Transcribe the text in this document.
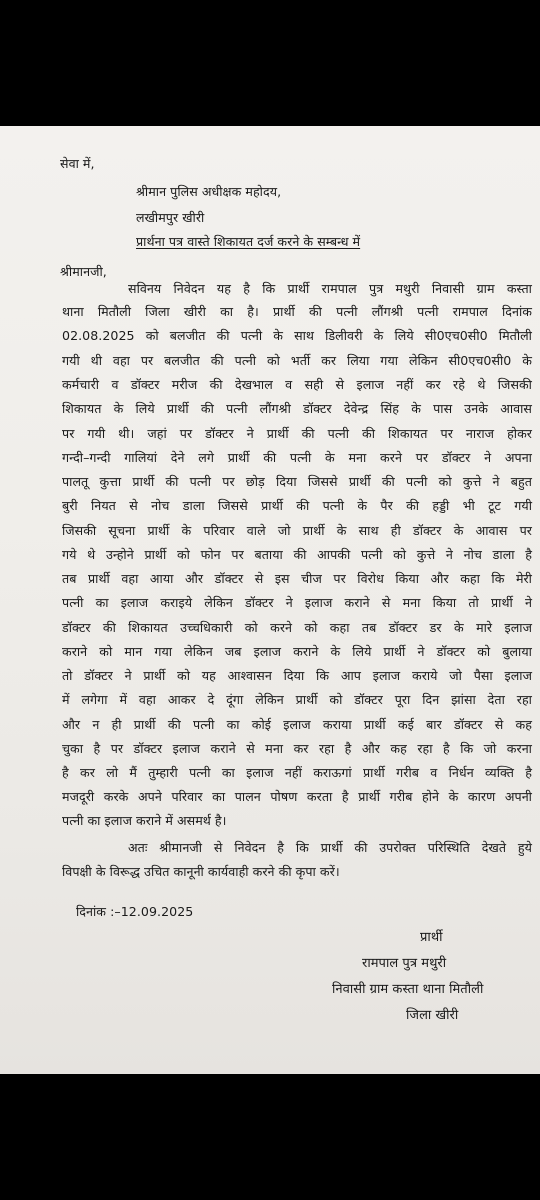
सेवा में,
श्रीमान पुलिस अधीक्षक महोदय,
लखीमपुर खीरी
प्रार्थना पत्र वास्ते शिकायत दर्ज करने के सम्बन्ध में
श्रीमानजी,
सविनय निवेदन यह है कि प्रार्थी रामपाल पुत्र मथुरी निवासी ग्राम कस्ता
थाना मितौली जिला खीरी का है। प्रार्थी की पत्नी लौंगश्री पत्नी रामपाल दिनांक
02.08.2025 को बलजीत की पत्नी के साथ डिलीवरी के लिये सी0एच0सी0 मितौली
गयी थी वहा पर बलजीत की पत्नी को भर्ती कर लिया गया लेकिन सी0एच0सी0 के
कर्मचारी व डॉक्टर मरीज की देखभाल व सही से इलाज नहीं कर रहे थे जिसकी
शिकायत के लिये प्रार्थी की पत्नी लौंगश्री डॉक्टर देवेन्द्र सिंह के पास उनके आवास
पर गयी थी। जहां पर डॉक्टर ने प्रार्थी की पत्नी की शिकायत पर नाराज होकर
गन्दी–गन्दी गालियां देने लगे प्रार्थी की पत्नी के मना करने पर डॉक्टर ने अपना
पालतू कुत्ता प्रार्थी की पत्नी पर छोड़ दिया जिससे प्रार्थी की पत्नी को कुत्ते ने बहुत
बुरी नियत से नोच डाला जिससे प्रार्थी की पत्नी के पैर की हड्डी भी टूट गयी
जिसकी सूचना प्रार्थी के परिवार वाले जो प्रार्थी के साथ ही डॉक्टर के आवास पर
गये थे उन्होने प्रार्थी को फोन पर बताया की आपकी पत्नी को कुत्ते ने नोच डाला है
तब प्रार्थी वहा आया और डॉक्टर से इस चीज पर विरोध किया और कहा कि मेरी
पत्नी का इलाज कराइये लेकिन डॉक्टर ने इलाज कराने से मना किया तो प्रार्थी ने
डॉक्टर की शिकायत उच्चधिकारी को करने को कहा तब डॉक्टर डर के मारे इलाज
कराने को मान गया लेकिन जब इलाज कराने के लिये प्रार्थी ने डॉक्टर को बुलाया
तो डॉक्टर ने प्रार्थी को यह आश्वासन दिया कि आप इलाज कराये जो पैसा इलाज
में लगेगा में वहा आकर दे दूंगा लेकिन प्रार्थी को डॉक्टर पूरा दिन झांसा देता रहा
और न ही प्रार्थी की पत्नी का कोई इलाज कराया प्रार्थी कई बार डॉक्टर से कह
चुका है पर डॉक्टर इलाज कराने से मना कर रहा है और कह रहा है कि जो करना
है कर लो मैं तुम्हारी पत्नी का इलाज नहीं कराऊगां प्रार्थी गरीब व निर्धन व्यक्ति है
मजदूरी करके अपने परिवार का पालन पोषण करता है प्रार्थी गरीब होने के कारण अपनी
पत्नी का इलाज कराने में असमर्थ है।
अतः श्रीमानजी से निवेदन है कि प्रार्थी की उपरोक्त परिस्थिति देखते हुये
विपक्षी के विरूद्ध उचित कानूनी कार्यवाही करने की कृपा करें।
दिनांक :–12.09.2025
प्रार्थी
रामपाल पुत्र मथुरी
निवासी ग्राम कस्ता थाना मितौली
जिला खीरी
